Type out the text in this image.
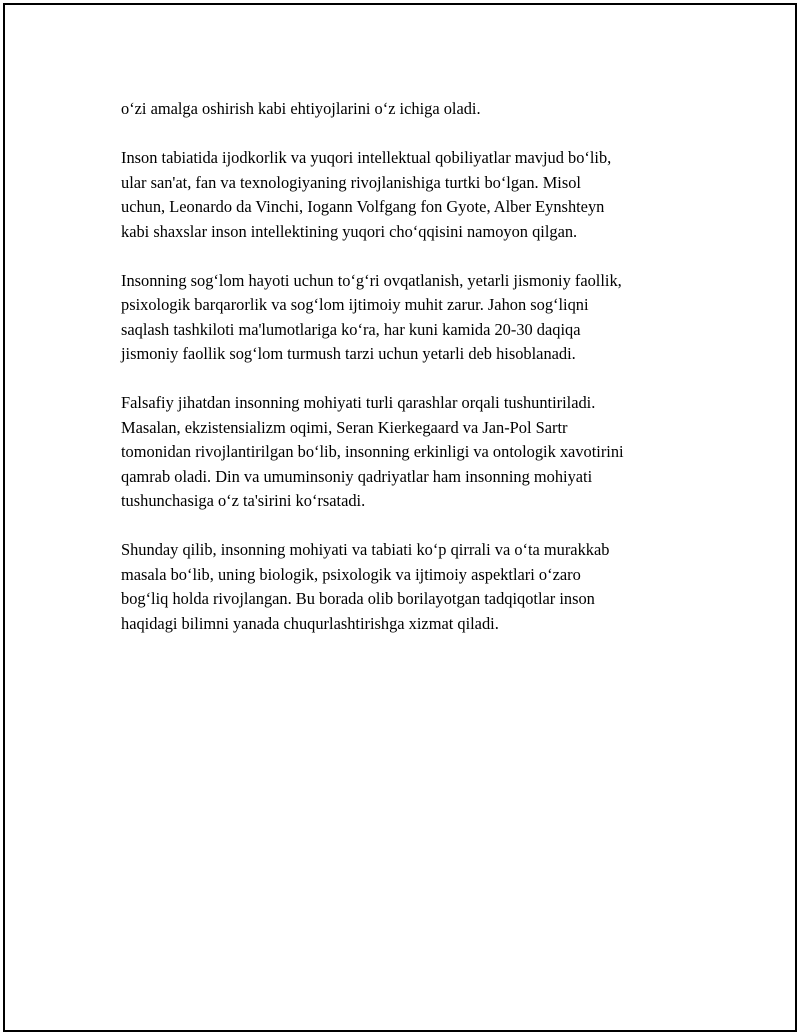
o‘zi amalga oshirish kabi ehtiyojlarini o‘z ichiga oladi.

Inson tabiatida ijodkorlik va yuqori intellektual qobiliyatlar mavjud bo‘lib,
ular san'at, fan va texnologiyaning rivojlanishiga turtki bo‘lgan. Misol
uchun, Leonardo da Vinchi, Iogann Volfgang fon Gyote, Alber Eynshteyn
kabi shaxslar inson intellektining yuqori cho‘qqisini namoyon qilgan.

Insonning sog‘lom hayoti uchun to‘g‘ri ovqatlanish, yetarli jismoniy faollik,
psixologik barqarorlik va sog‘lom ijtimoiy muhit zarur. Jahon sog‘liqni
saqlash tashkiloti ma'lumotlariga ko‘ra, har kuni kamida 20-30 daqiqa
jismoniy faollik sog‘lom turmush tarzi uchun yetarli deb hisoblanadi.

Falsafiy jihatdan insonning mohiyati turli qarashlar orqali tushuntiriladi.
Masalan, ekzistensializm oqimi, Seran Kierkegaard va Jan-Pol Sartr
tomonidan rivojlantirilgan bo‘lib, insonning erkinligi va ontologik xavotirini
qamrab oladi. Din va umuminsoniy qadriyatlar ham insonning mohiyati
tushunchasiga o‘z ta'sirini ko‘rsatadi.

Shunday qilib, insonning mohiyati va tabiati ko‘p qirrali va o‘ta murakkab
masala bo‘lib, uning biologik, psixologik va ijtimoiy aspektlari o‘zaro
bog‘liq holda rivojlangan. Bu borada olib borilayotgan tadqiqotlar inson
haqidagi bilimni yanada chuqurlashtirishga xizmat qiladi.
